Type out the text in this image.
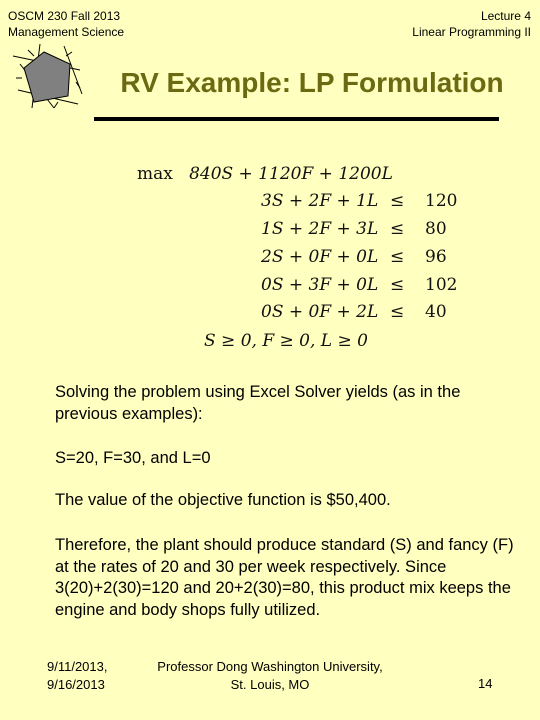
OSCM 230 Fall 2013
Management Science
Lecture 4
Linear Programming II
RV Example: LP Formulation
max 840S + 1120F + 1200L
3S + 2F + 1L ≤ 120
1S + 2F + 3L ≤ 80
2S + 0F + 0L ≤ 96
0S + 3F + 0L ≤ 102
0S + 0F + 2L ≤ 40
S ≥ 0, F ≥ 0, L ≥ 0
Solving the problem using Excel Solver yields (as in the previous examples):
S=20, F=30, and L=0
The value of the objective function is $50,400.
Therefore, the plant should produce standard (S) and fancy (F) at the rates of 20 and 30 per week respectively. Since 3(20)+2(30)=120 and 20+2(30)=80, this product mix keeps the engine and body shops fully utilized.
9/11/2013,
9/16/2013
Professor Dong Washington University,
St. Louis, MO	14
